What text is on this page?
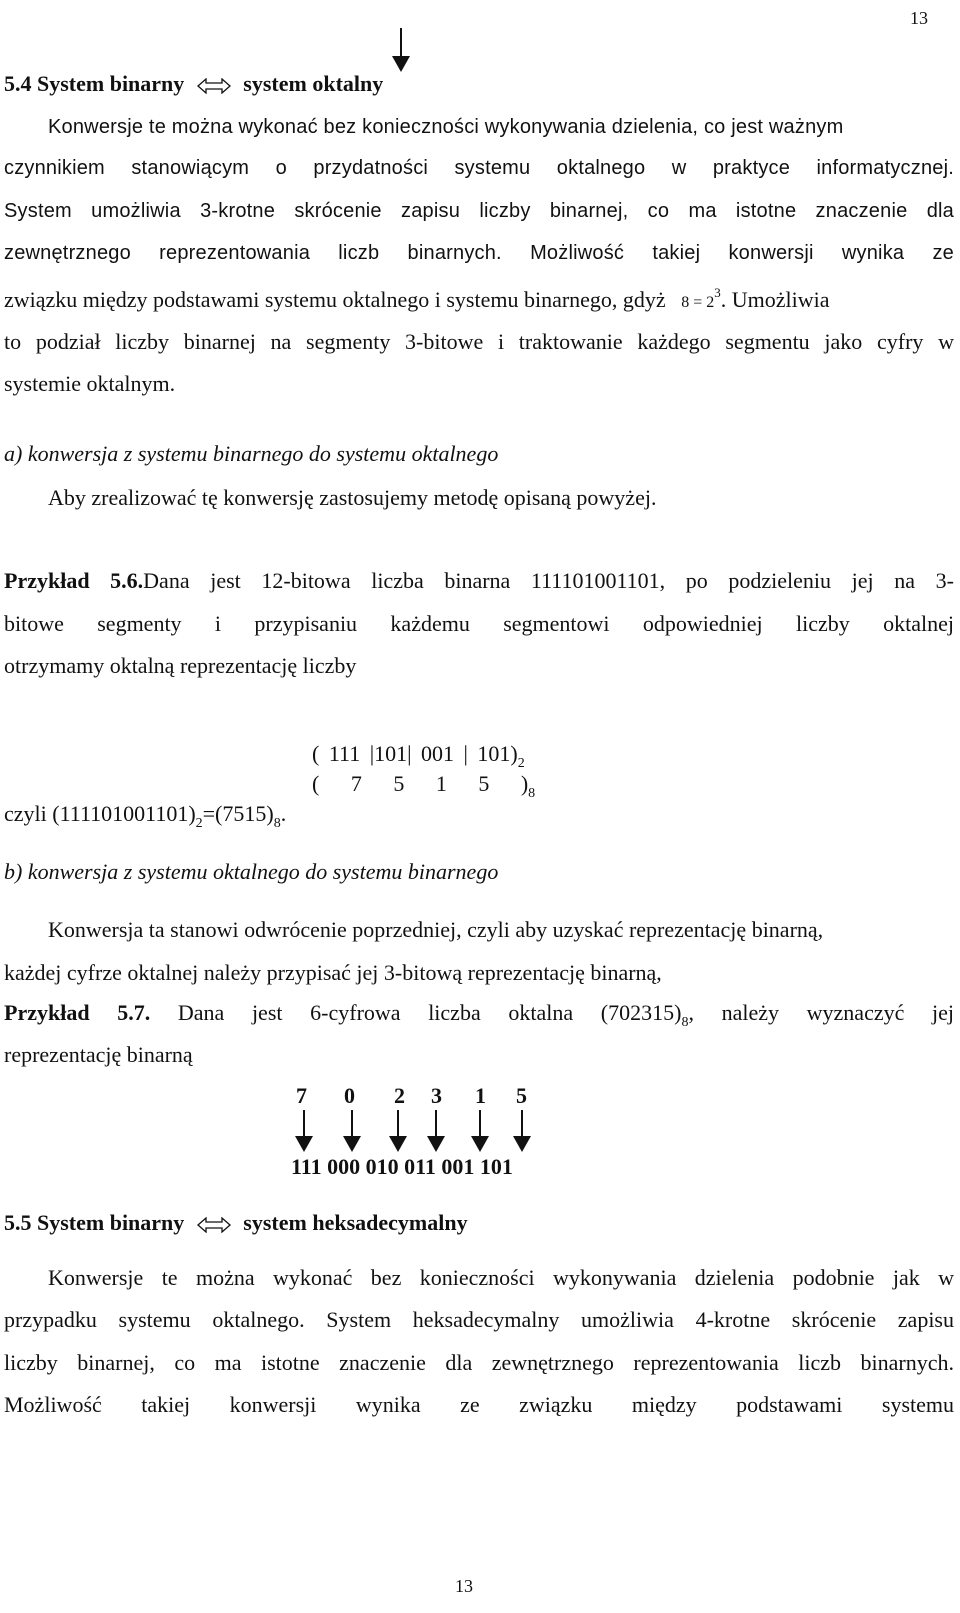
13
5.4 System binarny	system oktalny
Konwersje te można wykonać bez konieczności wykonywania dzielenia, co jest ważnym
czynnikiem stanowiącym o przydatności systemu oktalnego w praktyce informatycznej.
System umożliwia 3-krotne skrócenie zapisu liczby binarnej, co ma istotne znaczenie dla
zewnętrznego reprezentowania liczb binarnych. Możliwość takiej konwersji wynika ze
związku między podstawami systemu oktalnego i systemu binarnego, gdyż $8 = 2^3$. Umożliwia
to podział liczby binarnej na segmenty 3-bitowe i traktowanie każdego segmentu jako cyfry w
systemie oktalnym.
a) konwersja z systemu binarnego do systemu oktalnego
Aby zrealizować tę konwersję zastosujemy metodę opisaną powyżej.
Przykład 5.6.Dana jest 12-bitowa liczba binarna 111101001101, po podzieleniu jej na 3-
bitowe segmenty i przypisaniu każdemu segmentowi odpowiedniej liczby oktalnej
otrzymamy oktalną reprezentację liczby
( 111 |101| 001 | $101)_2$
( 7 5 1 5 )$_8$
czyli $(111101001101)_2=(7515)_8$.
b) konwersja z systemu oktalnego do systemu binarnego
Konwersja ta stanowi odwrócenie poprzedniej, czyli aby uzyskać reprezentację binarną,
każdej cyfrze oktalnej należy przypisać jej 3-bitową reprezentację binarną,
Przykład 5.7. Dana jest 6-cyfrowa liczba oktalna $(702315)_8$, należy wyznaczyć jej
reprezentację binarną
7 0 2 3 1 5
111 000 010 011 001 101
5.5 System binarny	system heksadecymalny
Konwersje te można wykonać bez konieczności wykonywania dzielenia podobnie jak w
przypadku systemu oktalnego. System heksadecymalny umożliwia 4-krotne skrócenie zapisu
liczby binarnej, co ma istotne znaczenie dla zewnętrznego reprezentowania liczb binarnych.
Możliwość takiej konwersji wynika ze związku między podstawami systemu
13
